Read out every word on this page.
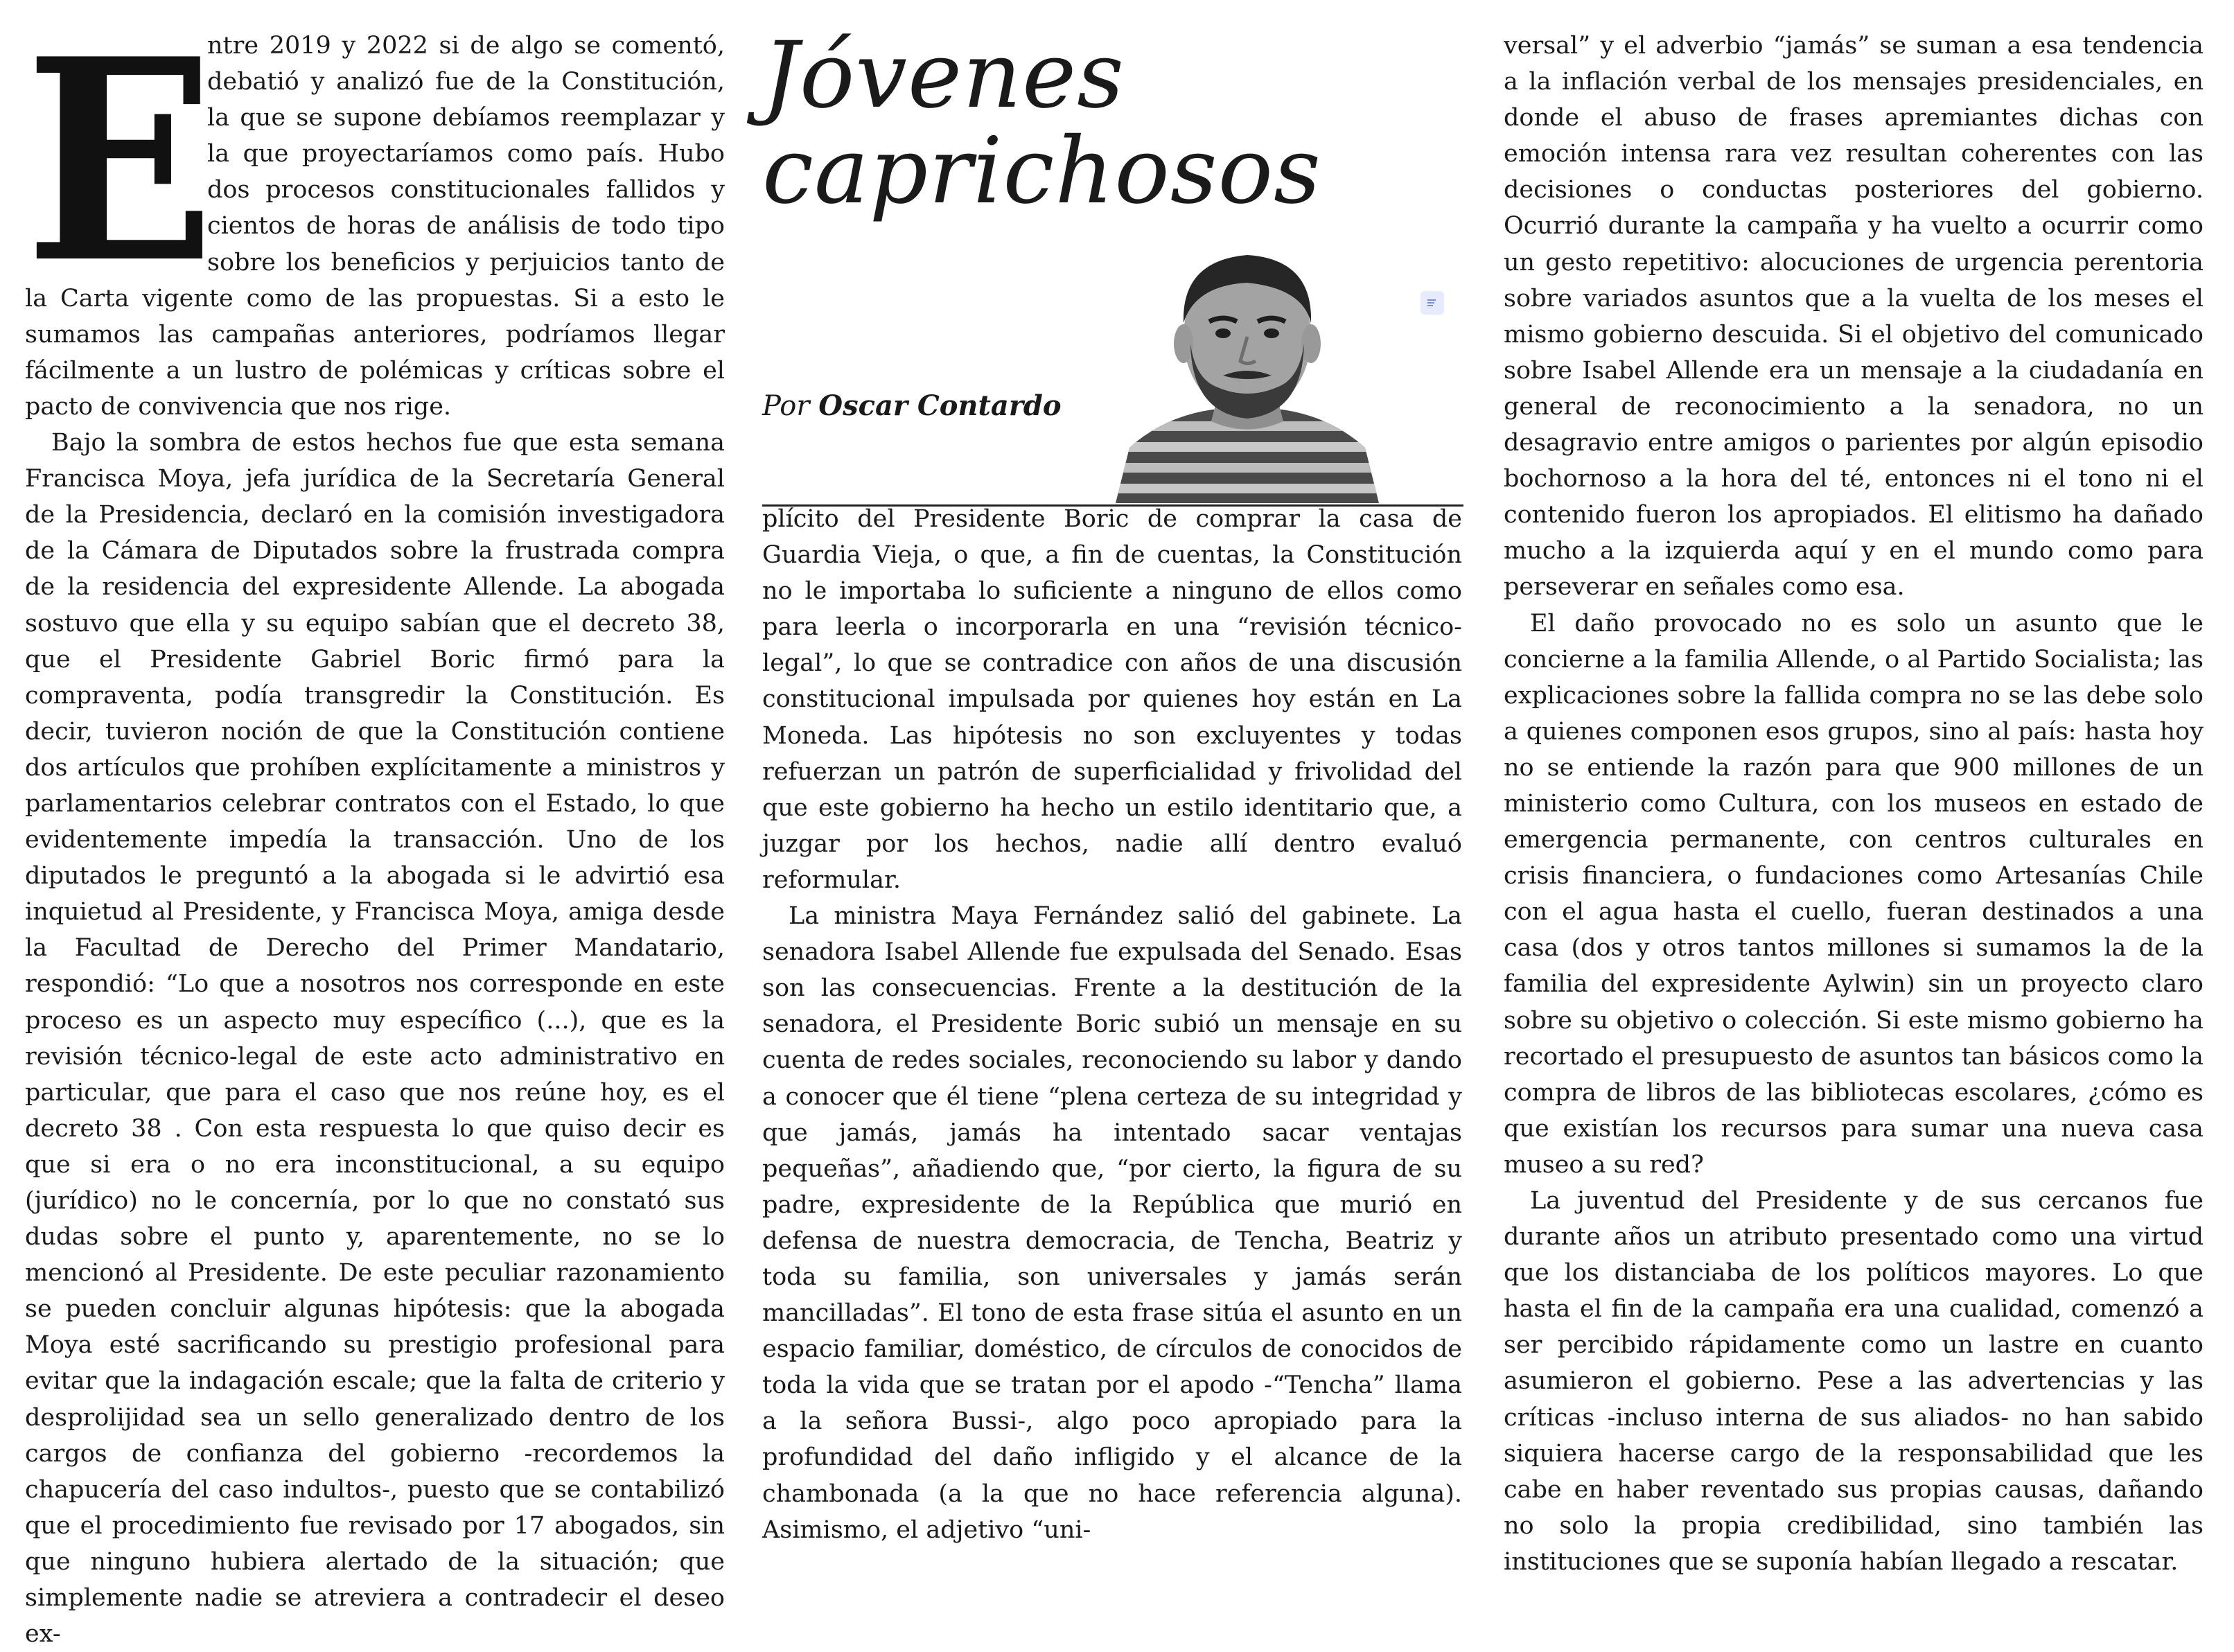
E

ntre 2019 y 2022 si de algo se comentó, debatió y analizó fue de la Constitución, la que se supone debíamos reemplazar y la que proyectaríamos como país. Hubo dos procesos constitucionales fallidos y cientos de horas de análisis de todo tipo sobre los beneficios y perjuicios tanto de la Carta vigente como de las propuestas. Si a esto le sumamos las campañas anteriores, podríamos llegar fácilmente a un lustro de polémicas y críticas sobre el pacto de convivencia que nos rige.

Bajo la sombra de estos hechos fue que esta semana Francisca Moya, jefa jurídica de la Secretaría General de la Presidencia, declaró en la comisión investigadora de la Cámara de Diputados sobre la frustrada compra de la residencia del expresidente Allende. La abogada sostuvo que ella y su equipo sabían que el decreto 38, que el Presidente Gabriel Boric firmó para la compraventa, podía transgredir la Constitución. Es decir, tuvieron noción de que la Constitución contiene dos artículos que prohíben explícitamente a ministros y parlamentarios celebrar contratos con el Estado, lo que evidentemente impedía la transacción. Uno de los diputados le preguntó a la abogada si le advirtió esa inquietud al Presidente, y Francisca Moya, amiga desde la Facultad de Derecho del Primer Mandatario, respondió: “Lo que a nosotros nos corresponde en este proceso es un aspecto muy específico (...), que es la revisión técnico-legal de este acto administrativo en particular, que para el caso que nos reúne hoy, es el decreto 38 . Con esta respuesta lo que quiso decir es que si era o no era inconstitucional, a su equipo (jurídico) no le concernía, por lo que no constató sus dudas sobre el punto y, aparentemente, no se lo mencionó al Presidente. De este peculiar razonamiento se pueden concluir algunas hipótesis: que la abogada Moya esté sacrificando su prestigio profesional para evitar que la indagación escale; que la falta de criterio y desprolijidad sea un sello generalizado dentro de los cargos de confianza del gobierno -recordemos la chapucería del caso indultos-, puesto que se contabilizó que el procedimiento fue revisado por 17 abogados, sin que ninguno hubiera alertado de la situación; que simplemente nadie se atreviera a contradecir el deseo ex-

Jóvenes
caprichosos
Por Oscar Contardo

plícito del Presidente Boric de comprar la casa de Guardia Vieja, o que, a fin de cuentas, la Constitución no le importaba lo suficiente a ninguno de ellos como para leerla o incorporarla en una “revisión técnico-legal”, lo que se contradice con años de una discusión constitucional impulsada por quienes hoy están en La Moneda. Las hipótesis no son excluyentes y todas refuerzan un patrón de superficialidad y frivolidad del que este gobierno ha hecho un estilo identitario que, a juzgar por los hechos, nadie allí dentro evaluó reformular.

La ministra Maya Fernández salió del gabinete. La senadora Isabel Allende fue expulsada del Senado. Esas son las consecuencias. Frente a la destitución de la senadora, el Presidente Boric subió un mensaje en su cuenta de redes sociales, reconociendo su labor y dando a conocer que él tiene “plena certeza de su integridad y que jamás, jamás ha intentado sacar ventajas pequeñas”, añadiendo que, “por cierto, la figura de su padre, expresidente de la República que murió en defensa de nuestra democracia, de Tencha, Beatriz y toda su familia, son universales y jamás serán mancilladas”. El tono de esta frase sitúa el asunto en un espacio familiar, doméstico, de círculos de conocidos de toda la vida que se tratan por el apodo -“Tencha” llama a la señora Bussi-, algo poco apropiado para la profundidad del daño infligido y el alcance de la chambonada (a la que no hace referencia alguna). Asimismo, el adjetivo “uni-

versal” y el adverbio “jamás” se suman a esa tendencia a la inflación verbal de los mensajes presidenciales, en donde el abuso de frases apremiantes dichas con emoción intensa rara vez resultan coherentes con las decisiones o conductas posteriores del gobierno. Ocurrió durante la campaña y ha vuelto a ocurrir como un gesto repetitivo: alocuciones de urgencia perentoria sobre variados asuntos que a la vuelta de los meses el mismo gobierno descuida. Si el objetivo del comunicado sobre Isabel Allende era un mensaje a la ciudadanía en general de reconocimiento a la senadora, no un desagravio entre amigos o parientes por algún episodio bochornoso a la hora del té, entonces ni el tono ni el contenido fueron los apropiados. El elitismo ha dañado mucho a la izquierda aquí y en el mundo como para perseverar en señales como esa.

El daño provocado no es solo un asunto que le concierne a la familia Allende, o al Partido Socialista; las explicaciones sobre la fallida compra no se las debe solo a quienes componen esos grupos, sino al país: hasta hoy no se entiende la razón para que 900 millones de un ministerio como Cultura, con los museos en estado de emergencia permanente, con centros culturales en crisis financiera, o fundaciones como Artesanías Chile con el agua hasta el cuello, fueran destinados a una casa (dos y otros tantos millones si sumamos la de la familia del expresidente Aylwin) sin un proyecto claro sobre su objetivo o colección. Si este mismo gobierno ha recortado el presupuesto de asuntos tan básicos como la compra de libros de las bibliotecas escolares, ¿cómo es que existían los recursos para sumar una nueva casa museo a su red?

La juventud del Presidente y de sus cercanos fue durante años un atributo presentado como una virtud que los distanciaba de los políticos mayores. Lo que hasta el fin de la campaña era una cualidad, comenzó a ser percibido rápidamente como un lastre en cuanto asumieron el gobierno. Pese a las advertencias y las críticas -incluso interna de sus aliados- no han sabido siquiera hacerse cargo de la responsabilidad que les cabe en haber reventado sus propias causas, dañando no solo la propia credibilidad, sino también las instituciones que se suponía habían llegado a rescatar.
